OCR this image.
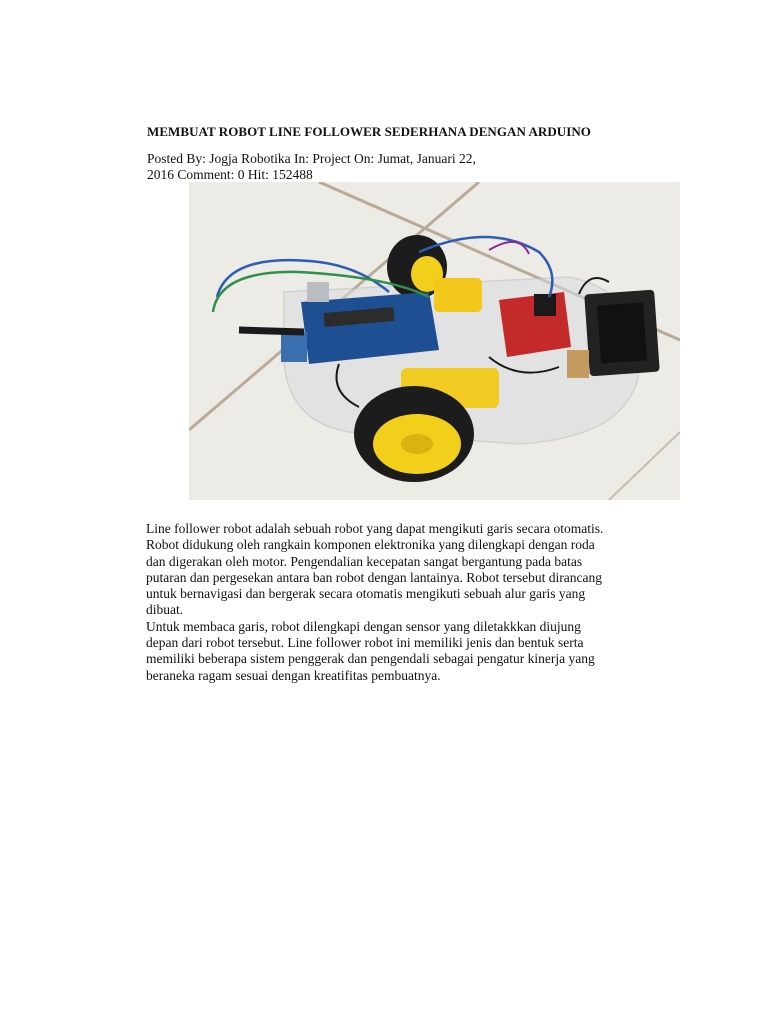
MEMBUAT ROBOT LINE FOLLOWER SEDERHANA DENGAN ARDUINO
Posted By: Jogja Robotika In: Project On: Jumat, Januari 22,
2016 Comment: 0 Hit: 152488
Line follower robot adalah sebuah robot yang dapat mengikuti garis secara otomatis.
Robot didukung oleh rangkain komponen elektronika yang dilengkapi dengan roda
dan digerakan oleh motor. Pengendalian kecepatan sangat bergantung pada batas
putaran dan pergesekan antara ban robot dengan lantainya. Robot tersebut dirancang
untuk bernavigasi dan bergerak secara otomatis mengikuti sebuah alur garis yang
dibuat.
Untuk membaca garis, robot dilengkapi dengan sensor yang diletakkkan diujung
depan dari robot tersebut. Line follower robot ini memiliki jenis dan bentuk serta
memiliki beberapa sistem penggerak dan pengendali sebagai pengatur kinerja yang
beraneka ragam sesuai dengan kreatifitas pembuatnya.
